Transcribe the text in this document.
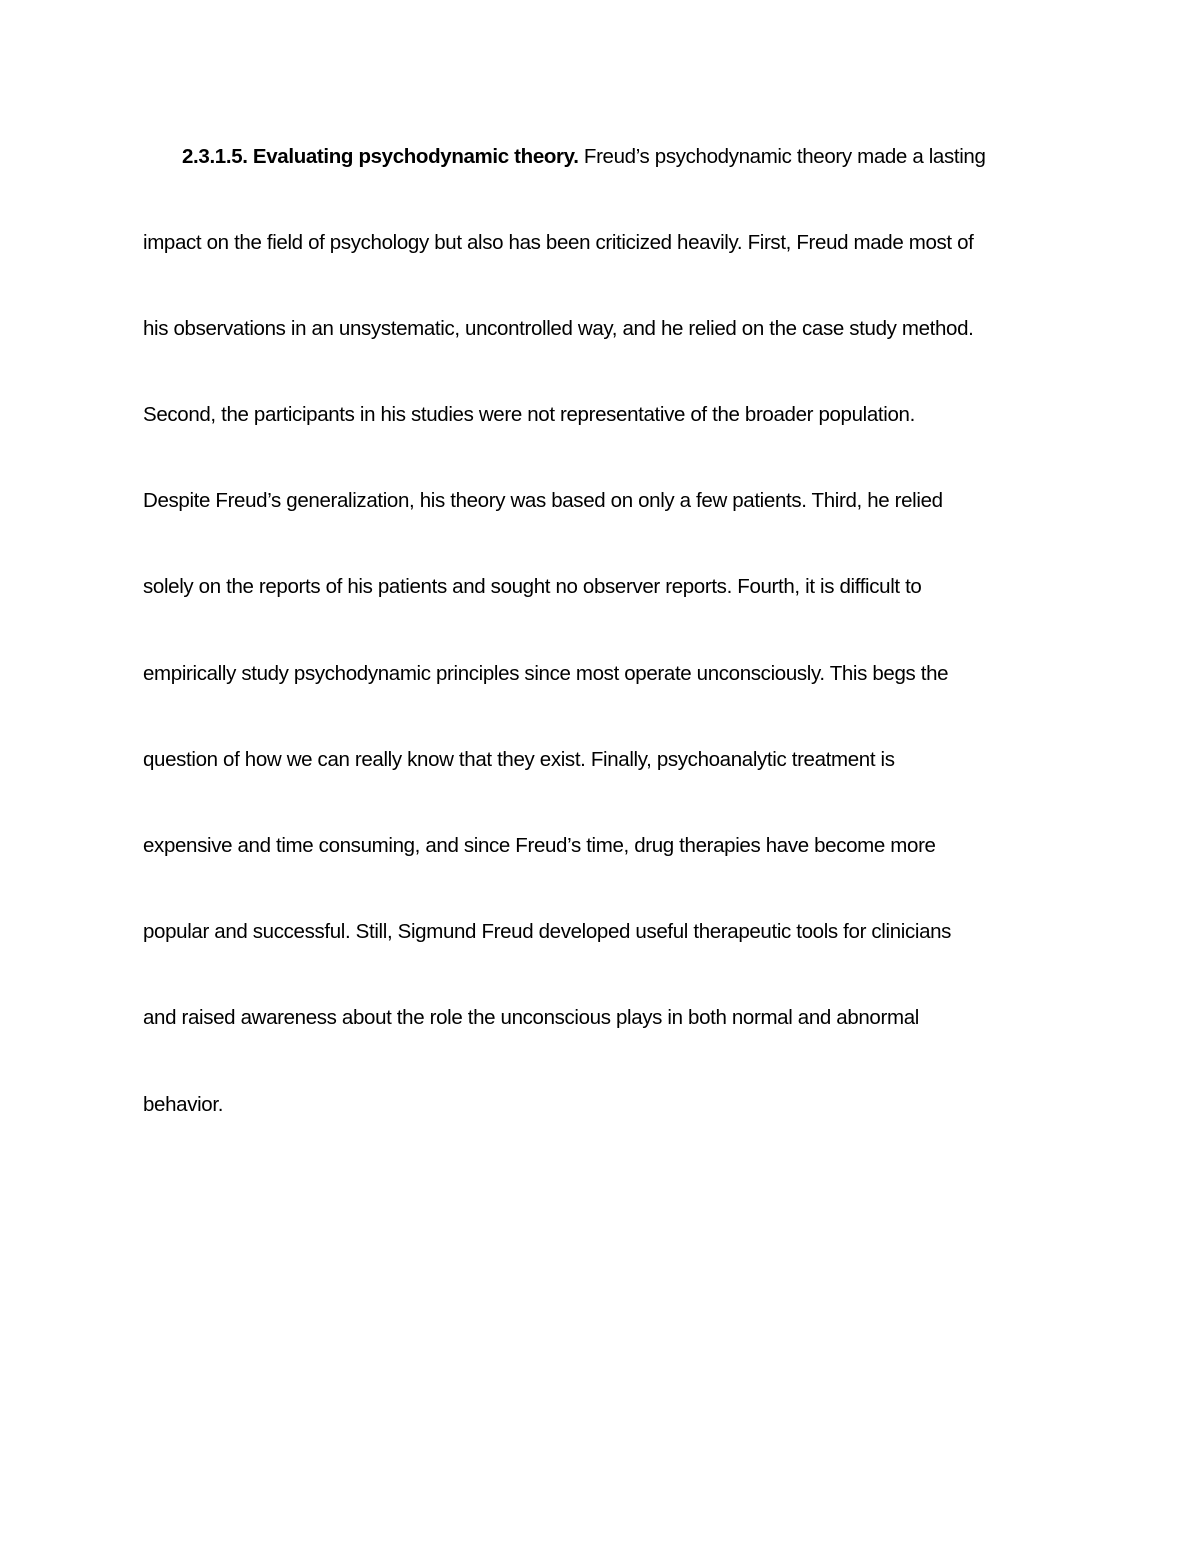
2.3.1.5. Evaluating psychodynamic theory. Freud’s psychodynamic theory made a lasting
impact on the field of psychology but also has been criticized heavily. First, Freud made most of
his observations in an unsystematic, uncontrolled way, and he relied on the case study method.
Second, the participants in his studies were not representative of the broader population.
Despite Freud’s generalization, his theory was based on only a few patients. Third, he relied
solely on the reports of his patients and sought no observer reports. Fourth, it is difficult to
empirically study psychodynamic principles since most operate unconsciously. This begs the
question of how we can really know that they exist. Finally, psychoanalytic treatment is
expensive and time consuming, and since Freud’s time, drug therapies have become more
popular and successful. Still, Sigmund Freud developed useful therapeutic tools for clinicians
and raised awareness about the role the unconscious plays in both normal and abnormal
behavior.
